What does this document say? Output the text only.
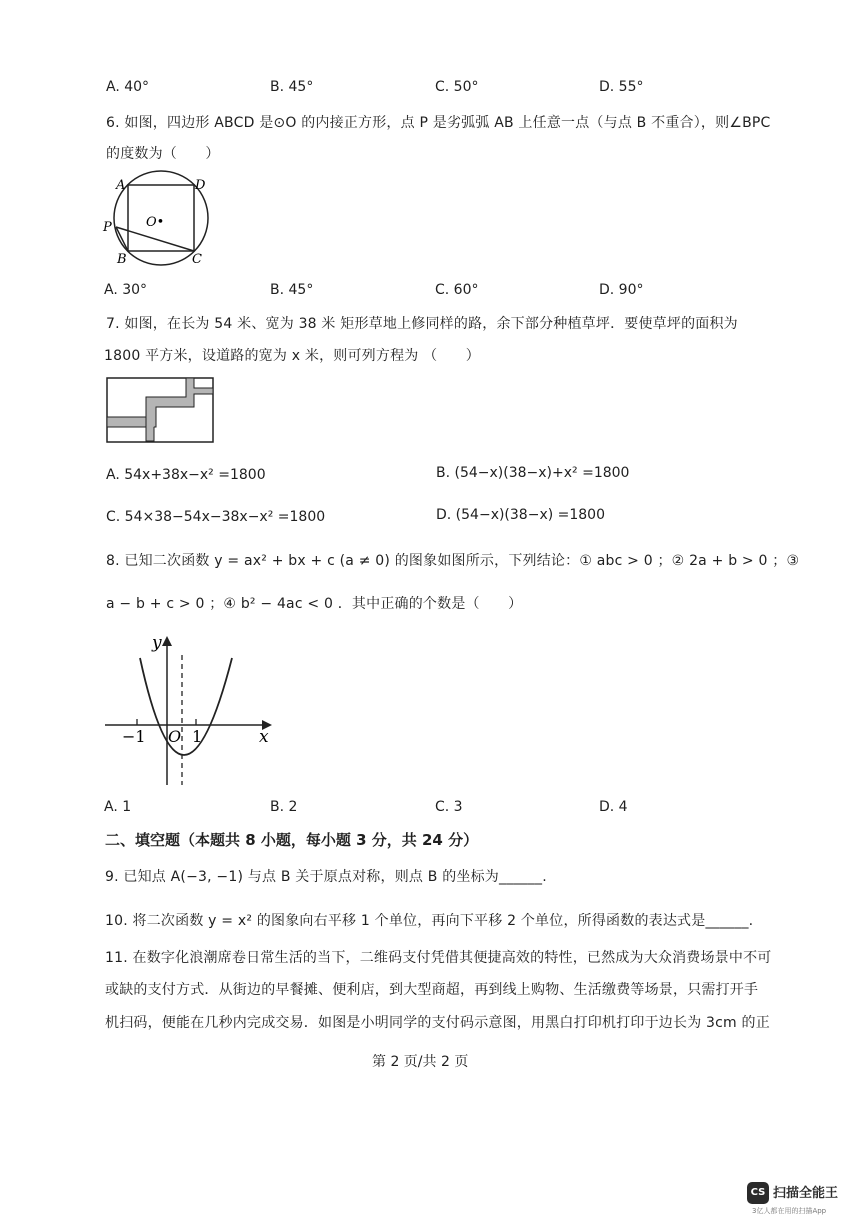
A. 40°	B. 45°	C. 50°	D. 55°
6. 如图，四边形 ABCD 是⊙O 的内接正方形，点 P 是劣弧弧 AB 上任意一点（与点 B 不重合），则∠BPC
的度数为（　　）
A	D
P
B	C
O•
A. 30°	B. 45°	C. 60°	D. 90°
7. 如图，在长为 54 米、宽为 38 米 矩形草地上修同样的路，余下部分种植草坪．要使草坪的面积为
1800 平方米，设道路的宽为 x 米，则可列方程为 （　　）
A. 54x+38x−x² =1800	B. (54−x)(38−x)+x² =1800
C. 54×38−54x−38x−x² =1800	D. (54−x)(38−x) =1800
8. 已知二次函数 y = ax² + bx + c (a ≠ 0) 的图象如图所示，下列结论：① abc > 0 ；② 2a + b > 0 ；③
a − b + c > 0 ；④ b² − 4ac < 0 ．其中正确的个数是（　　）
y
x
O
−1	1
A. 1	B. 2	C. 3	D. 4
二、填空题（本题共 8 小题，每小题 3 分，共 24 分）
9. 已知点 A(−3, −1) 与点 B 关于原点对称，则点 B 的坐标为______.
10. 将二次函数 y = x² 的图象向右平移 1 个单位，再向下平移 2 个单位，所得函数的表达式是______.
11. 在数字化浪潮席卷日常生活的当下，二维码支付凭借其便捷高效的特性，已然成为大众消费场景中不可
或缺的支付方式．从街边的早餐摊、便利店，到大型商超，再到线上购物、生活缴费等场景，只需打开手
机扫码，便能在几秒内完成交易．如图是小明同学的支付码示意图，用黑白打印机打印于边长为 3cm 的正
第 2 页/共 2 页
CS 扫描全能王
3亿人都在用的扫描App
